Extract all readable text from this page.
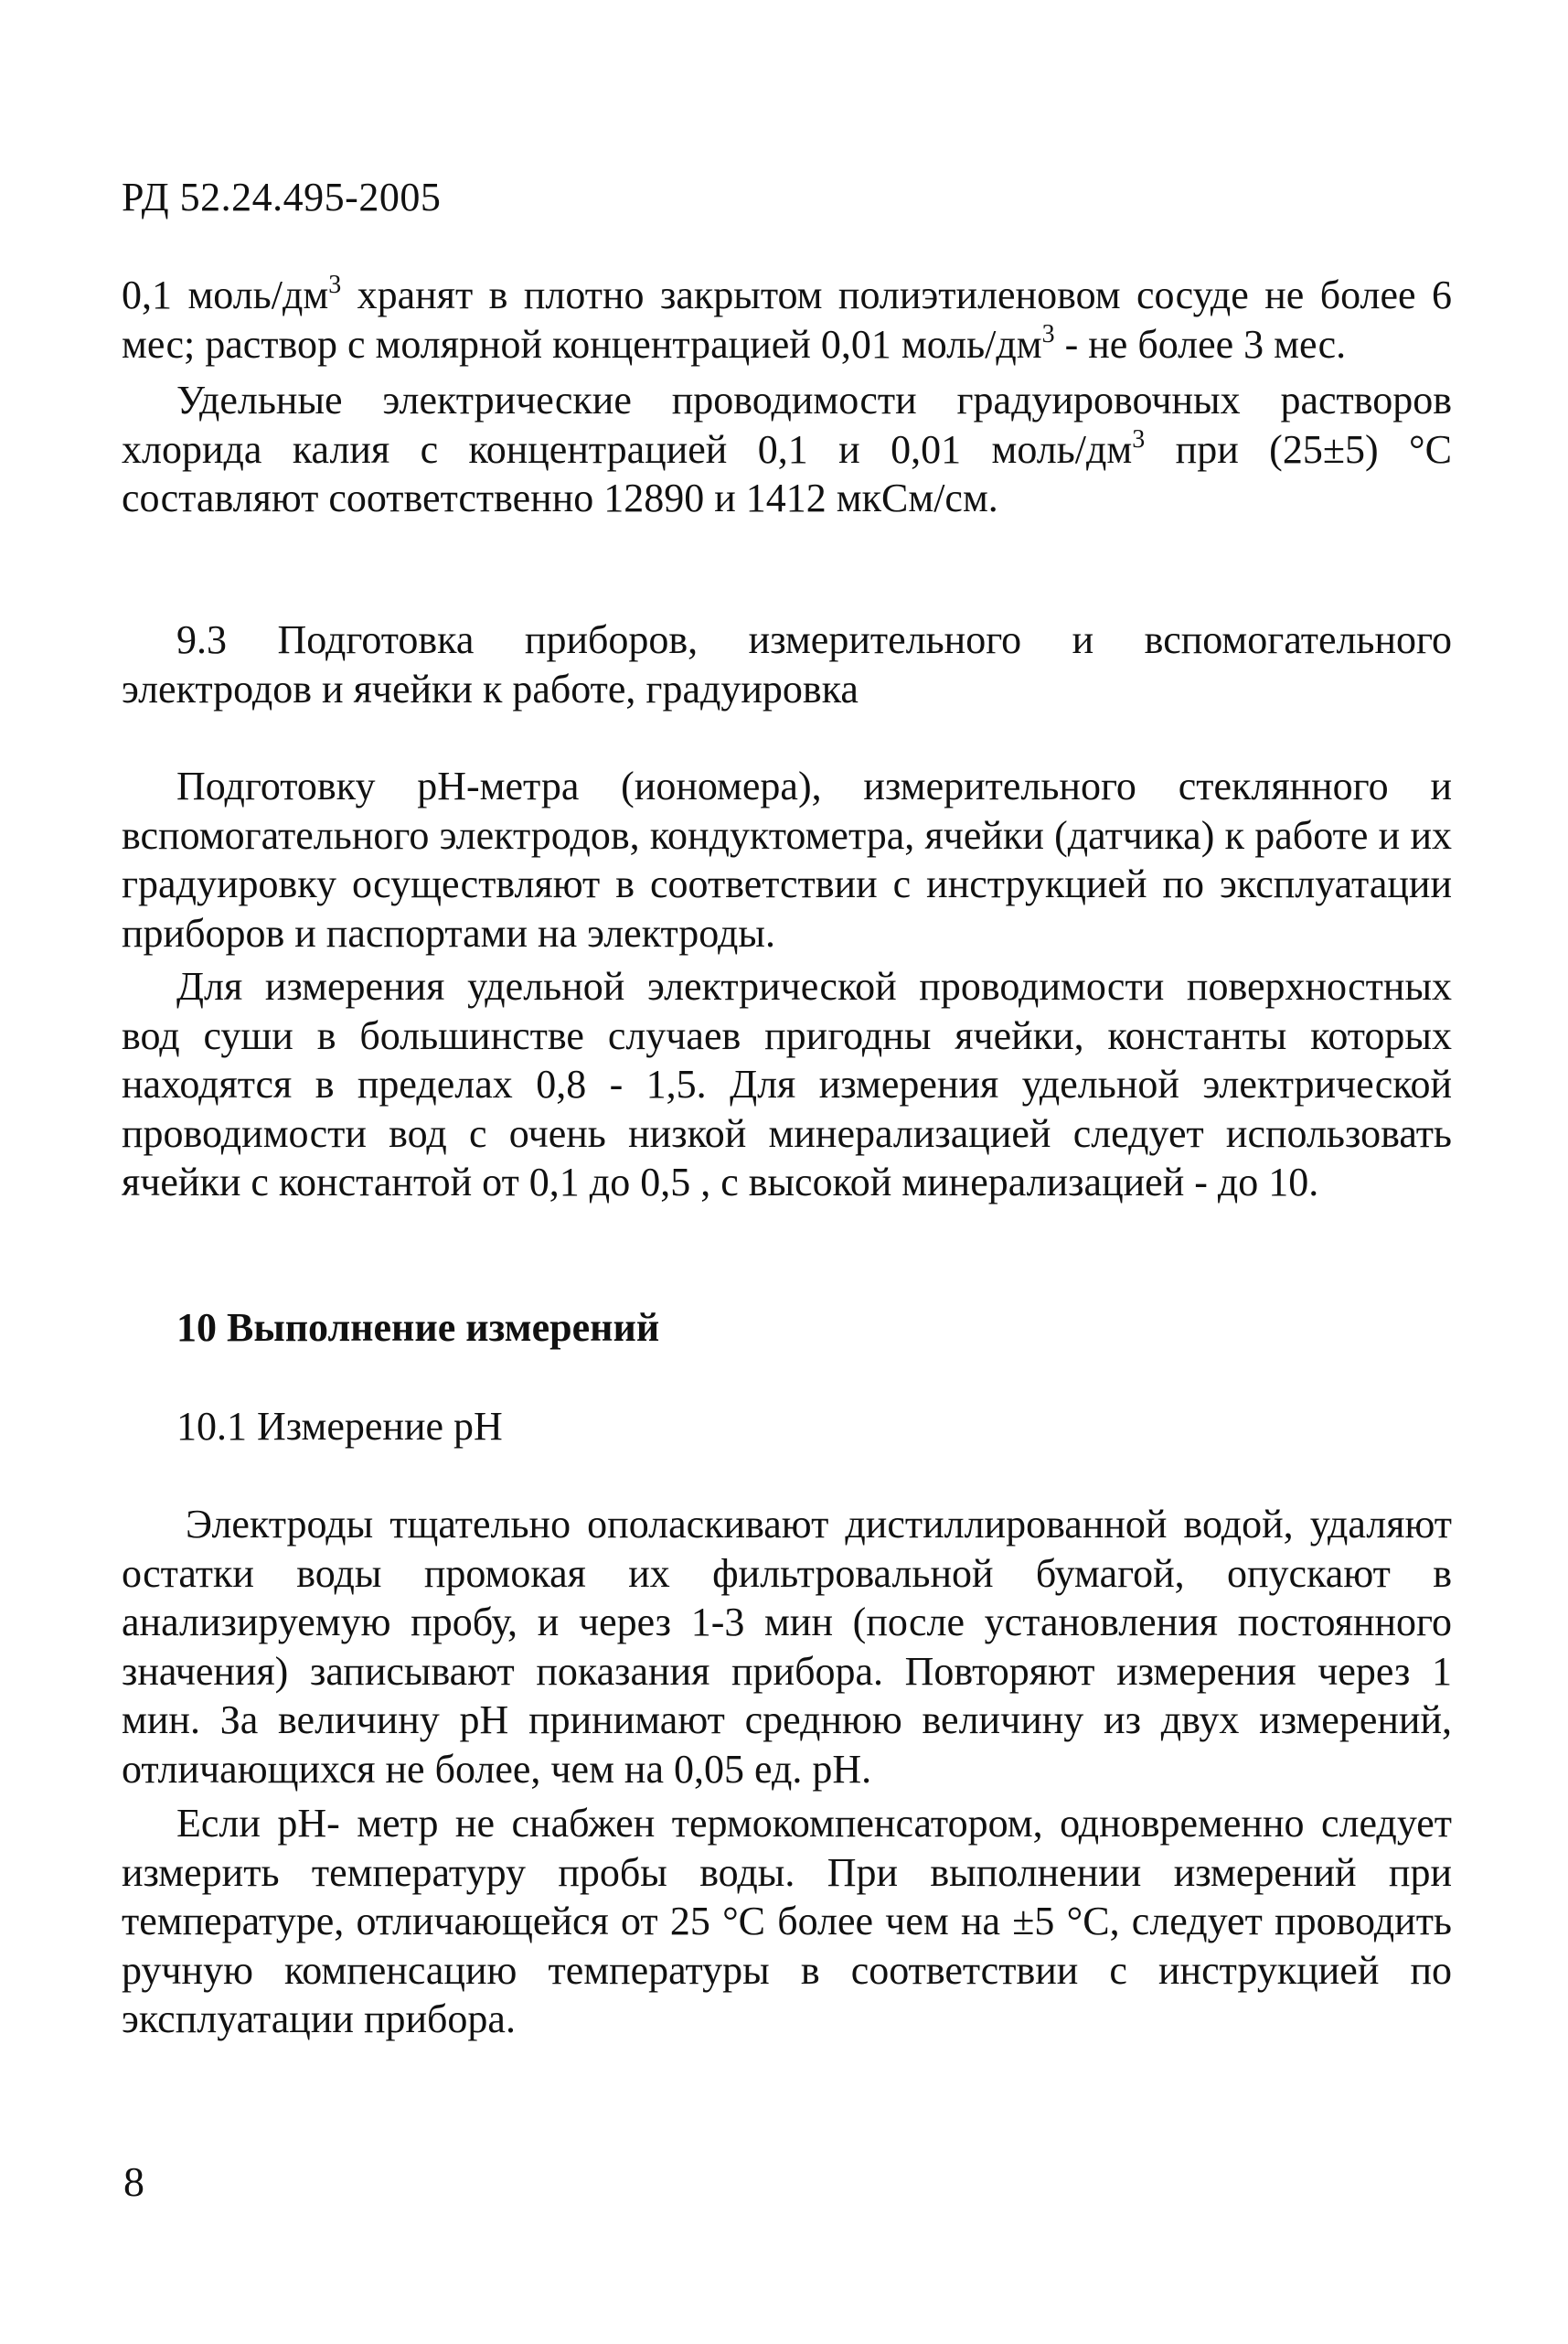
РД 52.24.495-2005

0,1 моль/$дм^3$ хранят в плотно закрытом полиэтиленовом сосуде не более 6 мес; раствор с молярной концентрацией 0,01 моль/$дм^3$ - не более 3 мес.

Удельные электрические проводимости градуировочных растворов хлорида калия с концентрацией 0,1 и 0,01 моль/$дм^3$ при (25±5) °С составляют соответственно 12890 и 1412 мкСм/см.

9.3 Подготовка приборов, измерительного и вспомогательного

электродов и ячейки к работе, градуировка

Подготовку рН-метра (иономера), измерительного стеклянного и вспомогательного электродов, кондуктометра, ячейки (датчика) к работе и их градуировку осуществляют в соответствии с инструкцией по эксплуатации приборов и паспортами на электроды.

Для измерения удельной электрической проводимости поверхностных вод суши в большинстве случаев пригодны ячейки, константы которых находятся в пределах 0,8 - 1,5. Для измерения удельной электрической проводимости вод с очень низкой минерализацией следует использовать ячейки с константой от 0,1 до 0,5 , с высокой минерализацией - до 10.

10 Выполнение измерений
10.1 Измерение рН

Электроды тщательно ополаскивают дистиллированной водой, удаляют остатки воды промокая их фильтровальной бумагой, опускают в анализируемую пробу, и через 1-3 мин (после установления постоянного значения) записывают показания прибора. Повторяют измерения через 1 мин. За величину рН принимают среднюю величину из двух измерений, отличающихся не более, чем на 0,05 ед. рН.

Если рН- метр не снабжен термокомпенсатором, одновременно следует измерить температуру пробы воды. При выполнении измерений при температуре, отличающейся от 25 °С более чем на ±5 °С, следует проводить ручную компенсацию температуры в соответствии с инструкцией по эксплуатации прибора.

8
